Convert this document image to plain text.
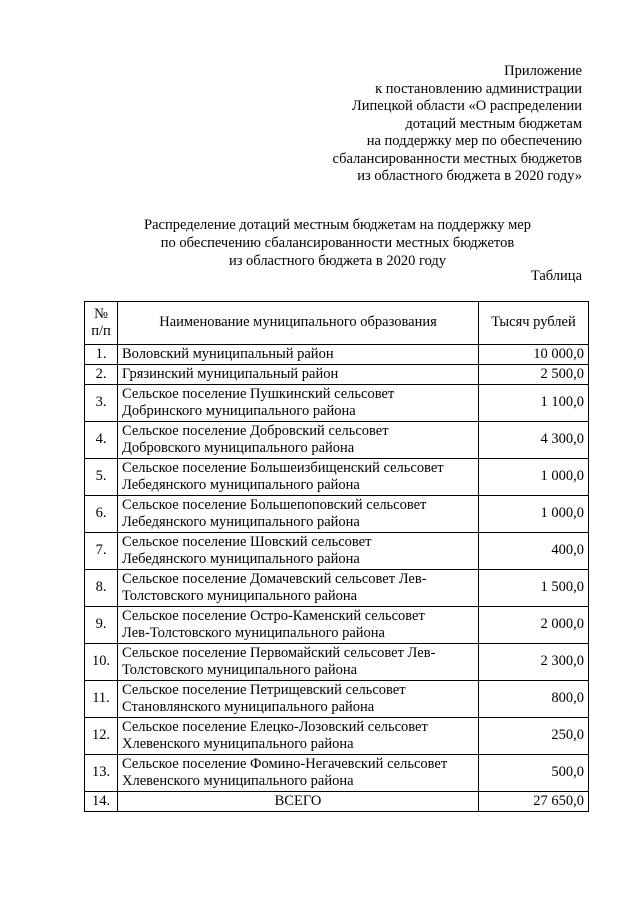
Приложение
к постановлению администрации
Липецкой области «О распределении
дотаций местным бюджетам
на поддержку мер по обеспечению
сбалансированности местных бюджетов
из областного бюджета в 2020 году»
Распределение дотаций местным бюджетам на поддержку мер
по обеспечению сбалансированности местных бюджетов
из областного бюджета в 2020 году
Таблица
№ п/п	Наименование муниципального образования	Тысяч рублей
1.	Воловский муниципальный район	10 000,0
2.	Грязинский муниципальный район	2 500,0
3.	Сельское поселение Пушкинский сельсовет
Добринского муниципального района	1 100,0
4.	Сельское поселение Добровский сельсовет
Добровского муниципального района	4 300,0
5.	Сельское поселение Большеизбищенский сельсовет
Лебедянского муниципального района	1 000,0
6.	Сельское поселение Большепоповский сельсовет
Лебедянского муниципального района	1 000,0
7.	Сельское поселение Шовский сельсовет
Лебедянского муниципального района	400,0
8.	Сельское поселение Домачевский сельсовет Лев-
Толстовского муниципального района	1 500,0
9.	Сельское поселение Остро-Каменский сельсовет
Лев-Толстовского муниципального района	2 000,0
10.	Сельское поселение Первомайский сельсовет Лев-
Толстовского муниципального района	2 300,0
11.	Сельское поселение Петрищевский сельсовет
Становлянского муниципального района	800,0
12.	Сельское поселение Елецко-Лозовский сельсовет
Хлевенского муниципального района	250,0
13.	Сельское поселение Фомино-Негачевский сельсовет
Хлевенского муниципального района	500,0
14.	ВСЕГО	27 650,0
